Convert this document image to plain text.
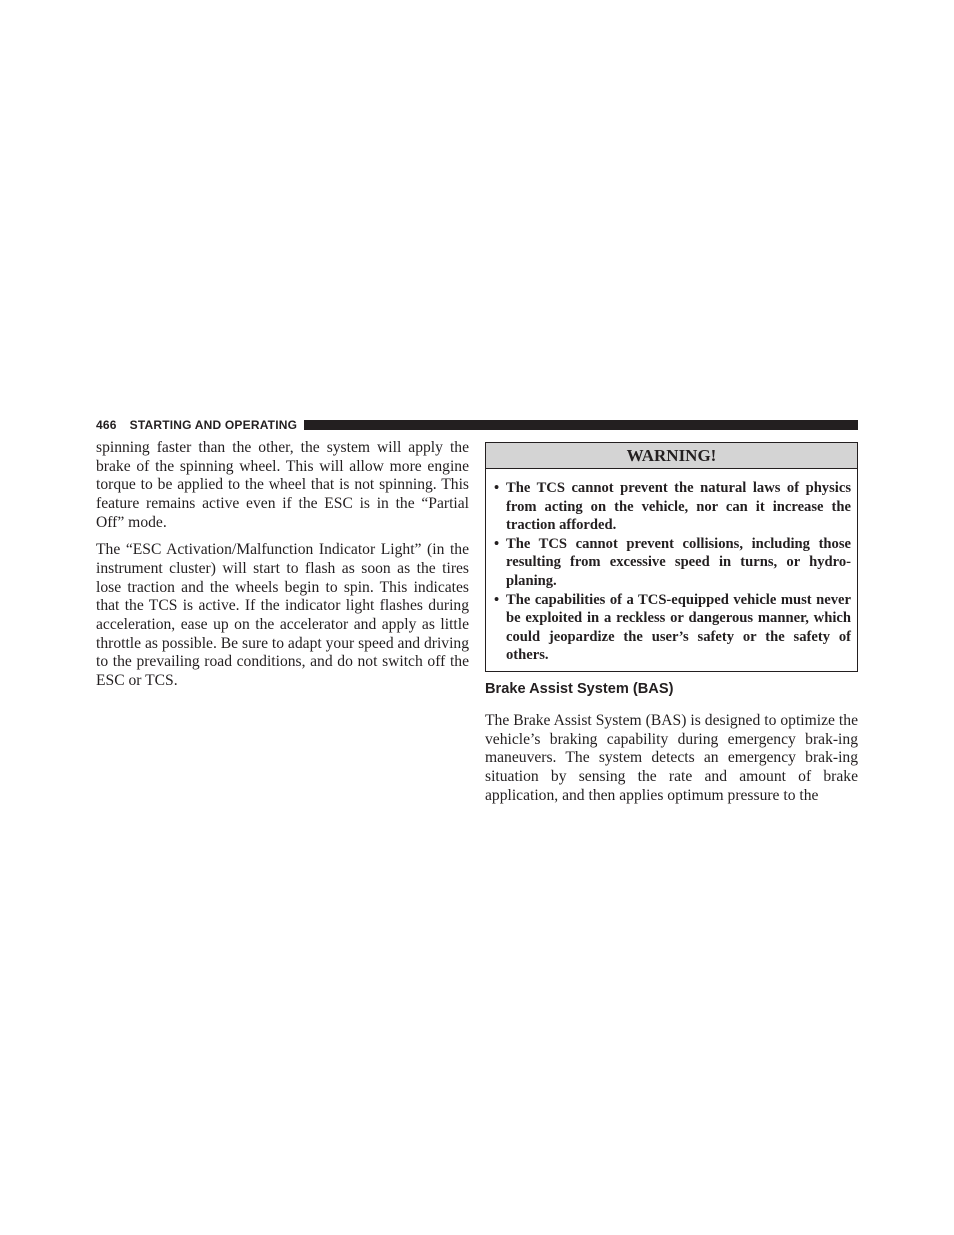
466 STARTING AND OPERATING

spinning faster than the other, the system will apply the brake of the spinning wheel. This will allow more engine torque to be applied to the wheel that is not spinning. This feature remains active even if the ESC is in the “Partial Off” mode.

The “ESC Activation/Malfunction Indicator Light” (in the instrument cluster) will start to flash as soon as the tires lose traction and the wheels begin to spin. This indicates that the TCS is active. If the indicator light flashes during acceleration, ease up on the accelerator and apply as little throttle as possible. Be sure to adapt your speed and driving to the prevailing road conditions, and do not switch off the ESC or TCS.

WARNING!
• The TCS cannot prevent the natural laws of physics from acting on the vehicle, nor can it increase the traction afforded.
• The TCS cannot prevent collisions, including those resulting from excessive speed in turns, or hydro-planing.
• The capabilities of a TCS-equipped vehicle must never be exploited in a reckless or dangerous manner, which could jeopardize the user’s safety or the safety of others.
Brake Assist System (BAS)

The Brake Assist System (BAS) is designed to optimize the vehicle’s braking capability during emergency brak-ing maneuvers. The system detects an emergency brak-ing situation by sensing the rate and amount of brake application, and then applies optimum pressure to the
